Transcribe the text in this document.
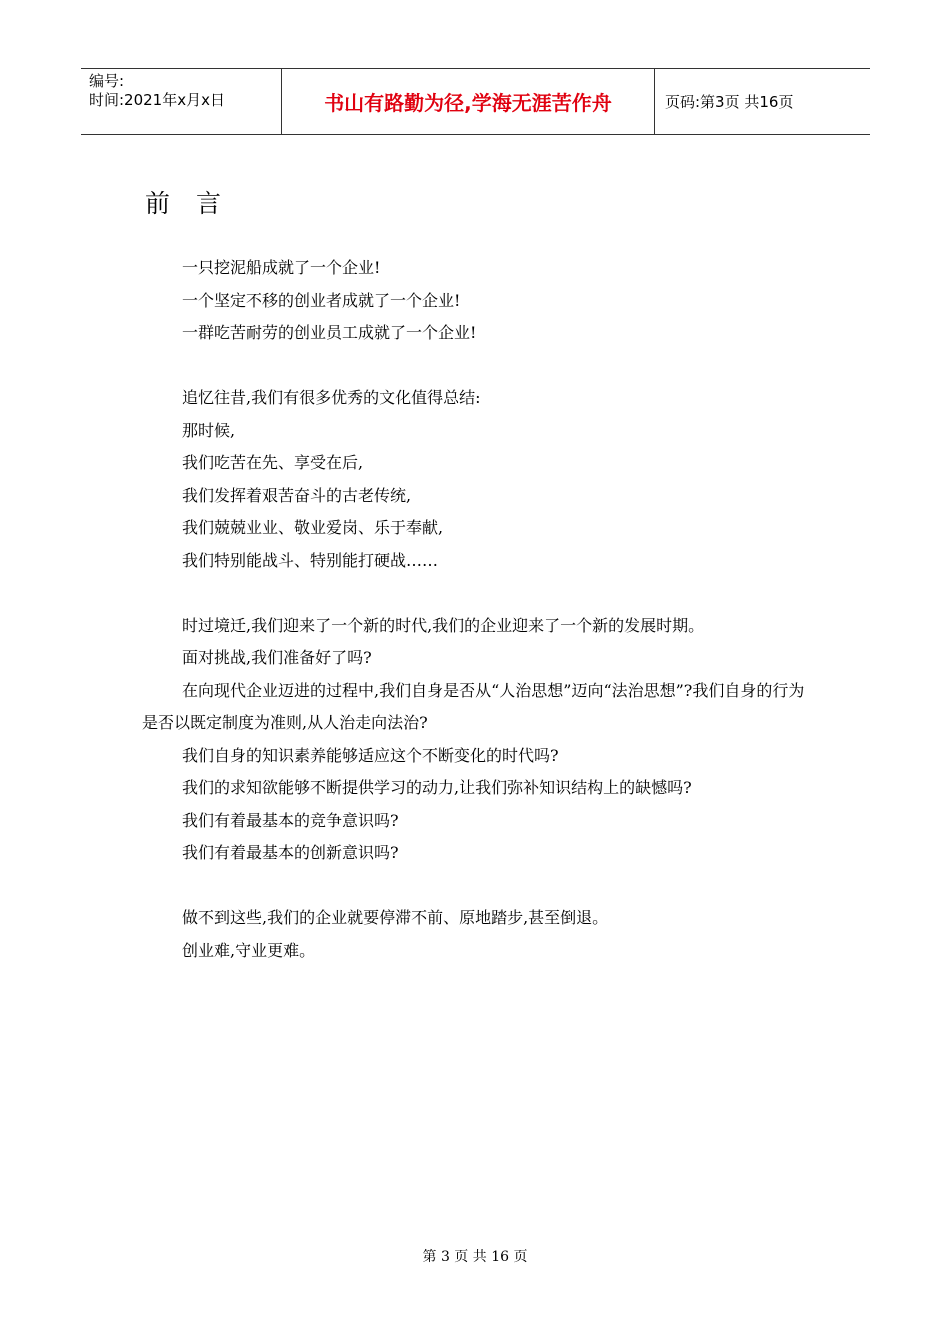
编号:
时间:2021年x月x日	书山有路勤为径,学海无涯苦作舟	页码:第3页 共16页
前言

一只挖泥船成就了一个企业!

一个坚定不移的创业者成就了一个企业!

一群吃苦耐劳的创业员工成就了一个企业!

追忆往昔,我们有很多优秀的文化值得总结:

那时候,

我们吃苦在先、享受在后,

我们发挥着艰苦奋斗的古老传统,

我们兢兢业业、敬业爱岗、乐于奉献,

我们特别能战斗、特别能打硬战……

时过境迁,我们迎来了一个新的时代,我们的企业迎来了一个新的发展时期。

面对挑战,我们准备好了吗?

在向现代企业迈进的过程中,我们自身是否从“人治思想”迈向“法治思想”?我们自身的行为是否以既定制度为准则,从人治走向法治?

我们自身的知识素养能够适应这个不断变化的时代吗?

我们的求知欲能够不断提供学习的动力,让我们弥补知识结构上的缺憾吗?

我们有着最基本的竞争意识吗?

我们有着最基本的创新意识吗?

做不到这些,我们的企业就要停滞不前、原地踏步,甚至倒退。

创业难,守业更难。

第 3 页 共 16 页
